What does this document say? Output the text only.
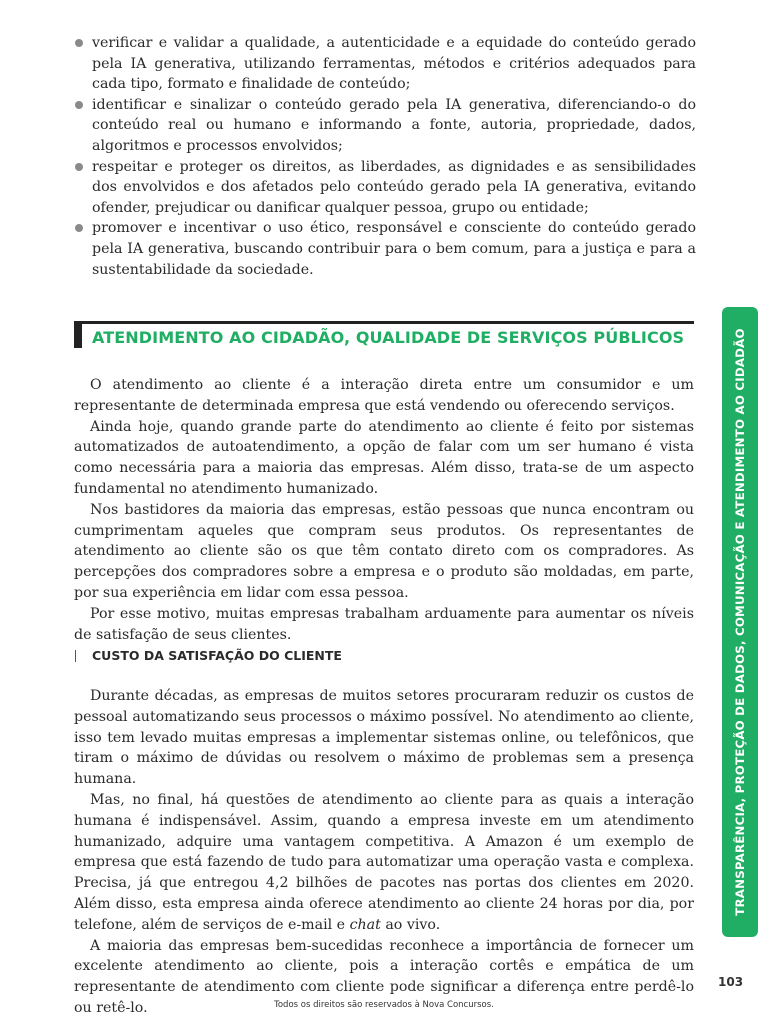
verificar e validar a qualidade, a autenticidade e a equidade do conteúdo gerado pela IA generativa, utilizando ferramentas, métodos e critérios adequados para cada tipo, formato e finalidade de conteúdo;
identificar e sinalizar o conteúdo gerado pela IA generativa, diferenciando-o do conteúdo real ou humano e informando a fonte, autoria, propriedade, dados, algoritmos e processos envolvidos;
respeitar e proteger os direitos, as liberdades, as dignidades e as sensibilidades dos envolvidos e dos afetados pelo conteúdo gerado pela IA generativa, evitando ofender, prejudicar ou danificar qualquer pessoa, grupo ou entidade;
promover e incentivar o uso ético, responsável e consciente do conteúdo gerado pela IA generativa, buscando contribuir para o bem comum, para a justiça e para a sustentabilidade da sociedade.
ATENDIMENTO AO CIDADÃO, QUALIDADE DE SERVIÇOS PÚBLICOS

O atendimento ao cliente é a interação direta entre um consumidor e um representante de determinada empresa que está vendendo ou oferecendo serviços.

Ainda hoje, quando grande parte do atendimento ao cliente é feito por sistemas automatizados de autoatendimento, a opção de falar com um ser humano é vista como necessária para a maioria das empresas. Além disso, trata-se de um aspecto fundamental no atendimento humanizado.

Nos bastidores da maioria das empresas, estão pessoas que nunca encontram ou cumprimentam aqueles que compram seus produtos. Os representantes de atendimento ao cliente são os que têm contato direto com os compradores. As percepções dos compradores sobre a empresa e o produto são moldadas, em parte, por sua experiência em lidar com essa pessoa.

Por esse motivo, muitas empresas trabalham arduamente para aumentar os níveis de satisfação de seus clientes.

CUSTO DA SATISFAÇÃO DO CLIENTE

Durante décadas, as empresas de muitos setores procuraram reduzir os custos de pessoal automatizando seus processos o máximo possível. No atendimento ao cliente, isso tem levado muitas empresas a implementar sistemas online, ou telefônicos, que tiram o máximo de dúvidas ou resolvem o máximo de problemas sem a presença humana.

Mas, no final, há questões de atendimento ao cliente para as quais a interação humana é indispensável. Assim, quando a empresa investe em um atendimento humanizado, adquire uma vantagem competitiva. A Amazon é um exemplo de empresa que está fazendo de tudo para automatizar uma operação vasta e complexa. Precisa, já que entregou 4,2 bilhões de pacotes nas portas dos clientes em 2020. Além disso, esta empresa ainda oferece atendimento ao cliente 24 horas por dia, por telefone, além de serviços de e-mail e chat ao vivo.

A maioria das empresas bem-sucedidas reconhece a importância de fornecer um excelente atendimento ao cliente, pois a interação cortês e empática de um representante de atendimento com cliente pode significar a diferença entre perdê-lo ou retê-lo.

TRANSPARÊNCIA, PROTEÇÃO DE DADOS, COMUNICAÇÃO E ATENDIMENTO AO CIDADÃO
103
Todos os direitos são reservados à Nova Concursos.
